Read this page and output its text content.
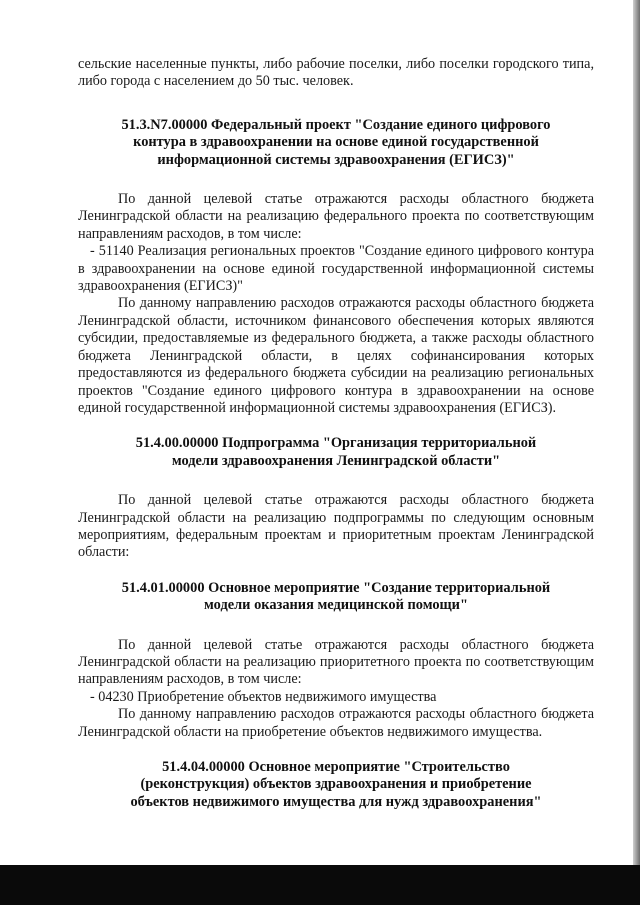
сельские населенные пункты, либо рабочие поселки, либо поселки городского типа, либо города с населением до 50 тыс. человек.

51.3.N7.00000 Федеральный проект "Создание единого цифрового
контура в здравоохранении на основе единой государственной
информационной системы здравоохранения (ЕГИСЗ)"

По данной целевой статье отражаются расходы областного бюджета Ленинградской области на реализацию федерального проекта по соответствующим направлениям расходов, в том числе:

- 51140 Реализация региональных проектов "Создание единого цифрового контура в здравоохранении на основе единой государственной информационной системы здравоохранения (ЕГИСЗ)"

По данному направлению расходов отражаются расходы областного бюджета Ленинградской области, источником финансового обеспечения которых являются субсидии, предоставляемые из федерального бюджета, а также расходы областного бюджета Ленинградской области, в целях софинансирования которых предоставляются из федерального бюджета субсидии на реализацию региональных проектов "Создание единого цифрового контура в здравоохранении на основе единой государственной информационной системы здравоохранения (ЕГИСЗ).

51.4.00.00000 Подпрограмма "Организация территориальной
модели здравоохранения Ленинградской области"

По данной целевой статье отражаются расходы областного бюджета Ленинградской области на реализацию подпрограммы по следующим основным мероприятиям, федеральным проектам и приоритетным проектам Ленинградской области:

51.4.01.00000 Основное мероприятие "Создание территориальной
модели оказания медицинской помощи"

По данной целевой статье отражаются расходы областного бюджета Ленинградской области на реализацию приоритетного проекта по соответствующим направлениям расходов, в том числе:

- 04230 Приобретение объектов недвижимого имущества

По данному направлению расходов отражаются расходы областного бюджета Ленинградской области на приобретение объектов недвижимого имущества.

51.4.04.00000 Основное мероприятие "Строительство
(реконструкция) объектов здравоохранения и приобретение
объектов недвижимого имущества для нужд здравоохранения"
